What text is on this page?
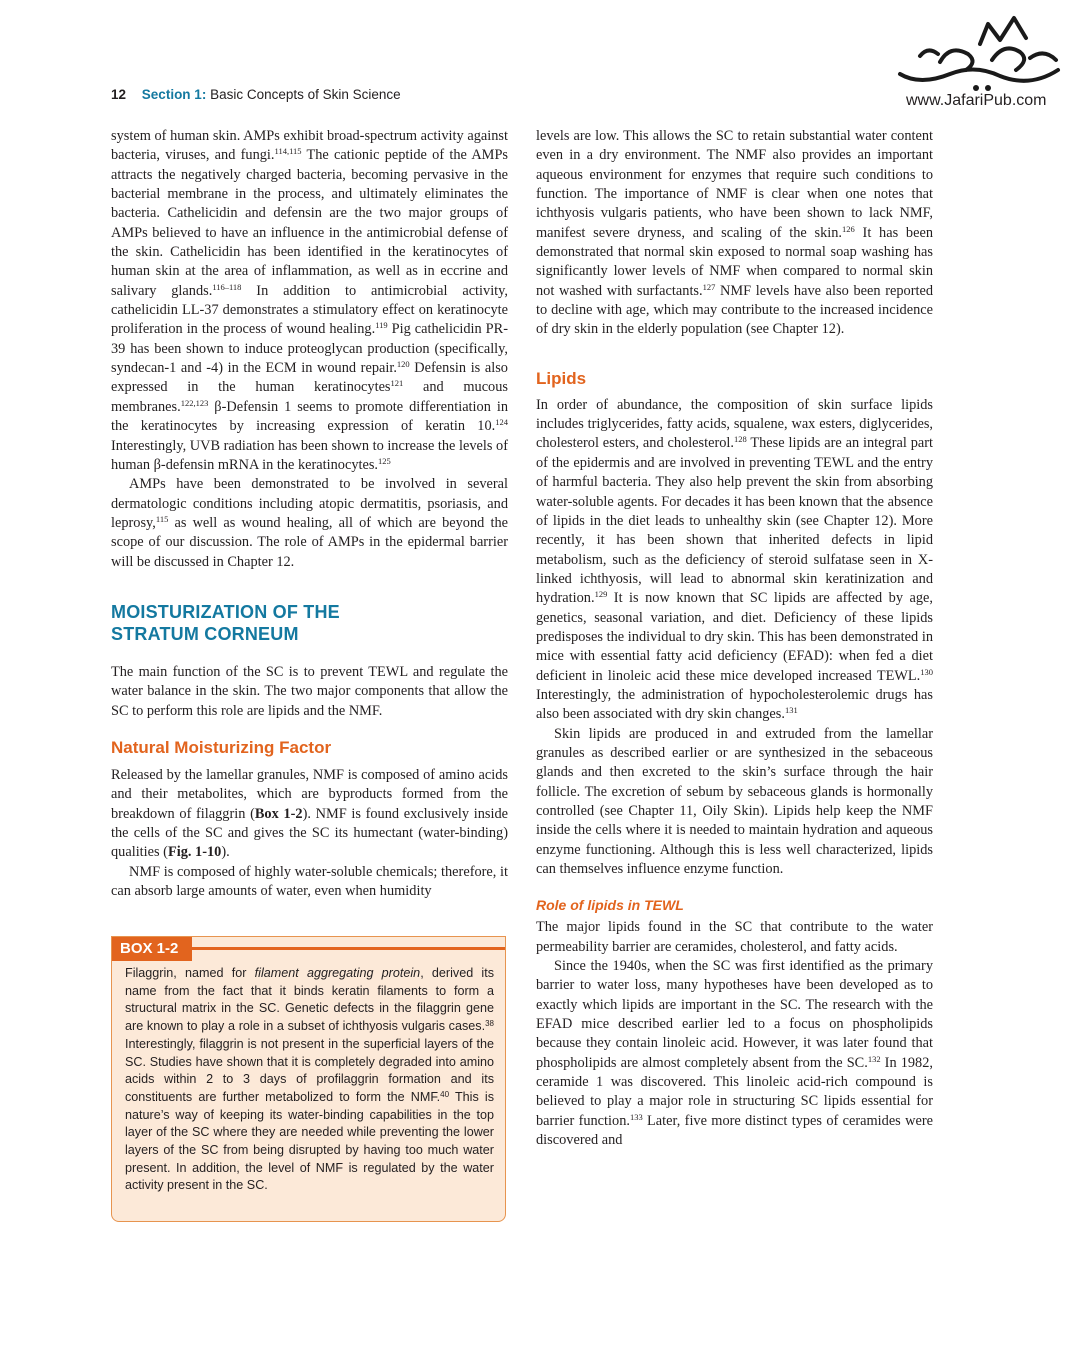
12 Section 1: Basic Concepts of Skin Science	www.JafariPub.com

system of human skin. AMPs exhibit broad-spectrum activity against bacteria, viruses, and fungi.$^{114,115}$ The cationic peptide of the AMPs attracts the negatively charged bacteria, becoming pervasive in the bacterial membrane in the process, and ultimately eliminates the bacteria. Cathelicidin and defensin are the two major groups of AMPs believed to have an influence in the antimicrobial defense of the skin. Cathelicidin has been identified in the keratinocytes of human skin at the area of inflammation, as well as in eccrine and salivary glands.$^{116-118}$ In addition to antimicrobial activity, cathelicidin LL-37 demonstrates a stimulatory effect on keratinocyte proliferation in the process of wound healing.$^{119}$ Pig cathelicidin PR-39 has been shown to induce proteoglycan production (specifically, syndecan-1 and -4) in the ECM in wound repair.$^{120}$ Defensin is also expressed in the human keratinocytes$^{121}$ and mucous membranes.$^{122,123}$ β-Defensin 1 seems to promote differentiation in the keratinocytes by increasing expression of keratin 10.$^{124}$ Interestingly, UVB radiation has been shown to increase the levels of human β-defensin mRNA in the keratinocytes.$^{125}$

AMPs have been demonstrated to be involved in several dermatologic conditions including atopic dermatitis, psoriasis, and leprosy,$^{115}$ as well as wound healing, all of which are beyond the scope of our discussion. The role of AMPs in the epidermal barrier will be discussed in Chapter 12.

MOISTURIZATION OF THE
STRATUM CORNEUM

The main function of the SC is to prevent TEWL and regulate the water balance in the skin. The two major components that allow the SC to perform this role are lipids and the NMF.

Natural Moisturizing Factor

Released by the lamellar granules, NMF is composed of amino acids and their metabolites, which are byproducts formed from the breakdown of filaggrin (Box 1-2). NMF is found exclusively inside the cells of the SC and gives the SC its humectant (water-binding) qualities (Fig. 1-10).

NMF is composed of highly water-soluble chemicals; therefore, it can absorb large amounts of water, even when humidity

BOX 1-2
Filaggrin, named for filament aggregating protein, derived its name from the fact that it binds keratin filaments to form a structural matrix in the SC. Genetic defects in the filaggrin gene are known to play a role in a subset of ichthyosis vulgaris cases.$^{38}$ Interestingly, filaggrin is not present in the superficial layers of the SC. Studies have shown that it is completely degraded into amino acids within 2 to 3 days of profilaggrin formation and its constituents are further metabolized to form the NMF.$^{40}$ This is nature’s way of keeping its water-binding capabilities in the top layer of the SC where they are needed while preventing the lower layers of the SC from being disrupted by having too much water present. In addition, the level of NMF is regulated by the water activity present in the SC.

levels are low. This allows the SC to retain substantial water content even in a dry environment. The NMF also provides an important aqueous environment for enzymes that require such conditions to function. The importance of NMF is clear when one notes that ichthyosis vulgaris patients, who have been shown to lack NMF, manifest severe dryness, and scaling of the skin.$^{126}$ It has been demonstrated that normal skin exposed to normal soap washing has significantly lower levels of NMF when compared to normal skin not washed with surfactants.$^{127}$ NMF levels have also been reported to decline with age, which may contribute to the increased incidence of dry skin in the elderly population (see Chapter 12).

Lipids

In order of abundance, the composition of skin surface lipids includes triglycerides, fatty acids, squalene, wax esters, diglycerides, cholesterol esters, and cholesterol.$^{128}$ These lipids are an integral part of the epidermis and are involved in preventing TEWL and the entry of harmful bacteria. They also help prevent the skin from absorbing water-soluble agents. For decades it has been known that the absence of lipids in the diet leads to unhealthy skin (see Chapter 12). More recently, it has been shown that inherited defects in lipid metabolism, such as the deficiency of steroid sulfatase seen in X-linked ichthyosis, will lead to abnormal skin keratinization and hydration.$^{129}$ It is now known that SC lipids are affected by age, genetics, seasonal variation, and diet. Deficiency of these lipids predisposes the individual to dry skin. This has been demonstrated in mice with essential fatty acid deficiency (EFAD): when fed a diet deficient in linoleic acid these mice developed increased TEWL.$^{130}$ Interestingly, the administration of hypocholesterolemic drugs has also been associated with dry skin changes.$^{131}$

Skin lipids are produced in and extruded from the lamellar granules as described earlier or are synthesized in the sebaceous glands and then excreted to the skin’s surface through the hair follicle. The excretion of sebum by sebaceous glands is hormonally controlled (see Chapter 11, Oily Skin). Lipids help keep the NMF inside the cells where it is needed to maintain hydration and aqueous enzyme functioning. Although this is less well characterized, lipids can themselves influence enzyme function.

Role of lipids in TEWL

The major lipids found in the SC that contribute to the water permeability barrier are ceramides, cholesterol, and fatty acids.

Since the 1940s, when the SC was first identified as the primary barrier to water loss, many hypotheses have been developed as to exactly which lipids are important in the SC. The research with the EFAD mice described earlier led to a focus on phospholipids because they contain linoleic acid. However, it was later found that phospholipids are almost completely absent from the SC.$^{132}$ In 1982, ceramide 1 was discovered. This linoleic acid-rich compound is believed to play a major role in structuring SC lipids essential for barrier function.$^{133}$ Later, five more distinct types of ceramides were discovered and
